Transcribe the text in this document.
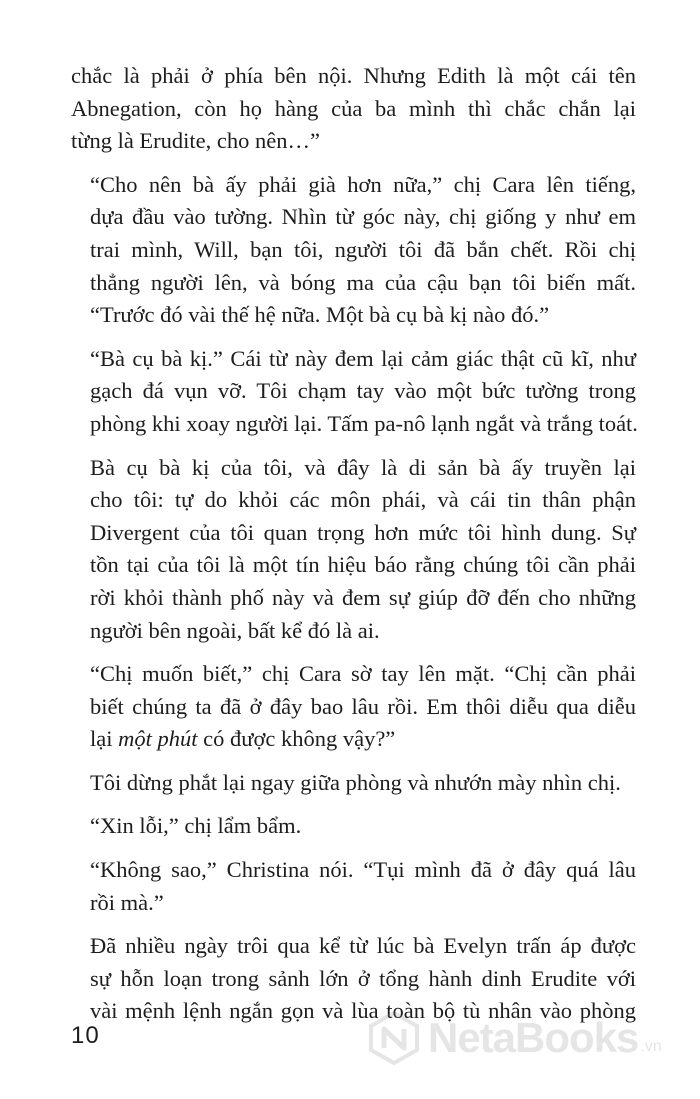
chắc là phải ở phía bên nội. Nhưng Edith là một cái tên
Abnegation, còn họ hàng của ba mình thì chắc chắn lại
từng là Erudite, cho nên…”

“Cho nên bà ấy phải già hơn nữa,” chị Cara lên tiếng,
dựa đầu vào tường. Nhìn từ góc này, chị giống y như em
trai mình, Will, bạn tôi, người tôi đã bắn chết. Rồi chị
thẳng người lên, và bóng ma của cậu bạn tôi biến mất.
“Trước đó vài thế hệ nữa. Một bà cụ bà kị nào đó.”

“Bà cụ bà kị.” Cái từ này đem lại cảm giác thật cũ kĩ, như
gạch đá vụn vỡ. Tôi chạm tay vào một bức tường trong
phòng khi xoay người lại. Tấm pa-nô lạnh ngắt và trắng toát.

Bà cụ bà kị của tôi, và đây là di sản bà ấy truyền lại
cho tôi: tự do khỏi các môn phái, và cái tin thân phận
Divergent của tôi quan trọng hơn mức tôi hình dung. Sự
tồn tại của tôi là một tín hiệu báo rằng chúng tôi cần phải
rời khỏi thành phố này và đem sự giúp đỡ đến cho những
người bên ngoài, bất kể đó là ai.

“Chị muốn biết,” chị Cara sờ tay lên mặt. “Chị cần phải
biết chúng ta đã ở đây bao lâu rồi. Em thôi diễu qua diễu
lại một phút có được không vậy?”

Tôi dừng phắt lại ngay giữa phòng và nhướn mày nhìn chị.

“Xin lỗi,” chị lẩm bẩm.

“Không sao,” Christina nói. “Tụi mình đã ở đây quá lâu
rồi mà.”

Đã nhiều ngày trôi qua kể từ lúc bà Evelyn trấn áp được
sự hỗn loạn trong sảnh lớn ở tổng hành dinh Erudite với
vài mệnh lệnh ngắn gọn và lùa toàn bộ tù nhân vào phòng

10	NetaBooks .vn
